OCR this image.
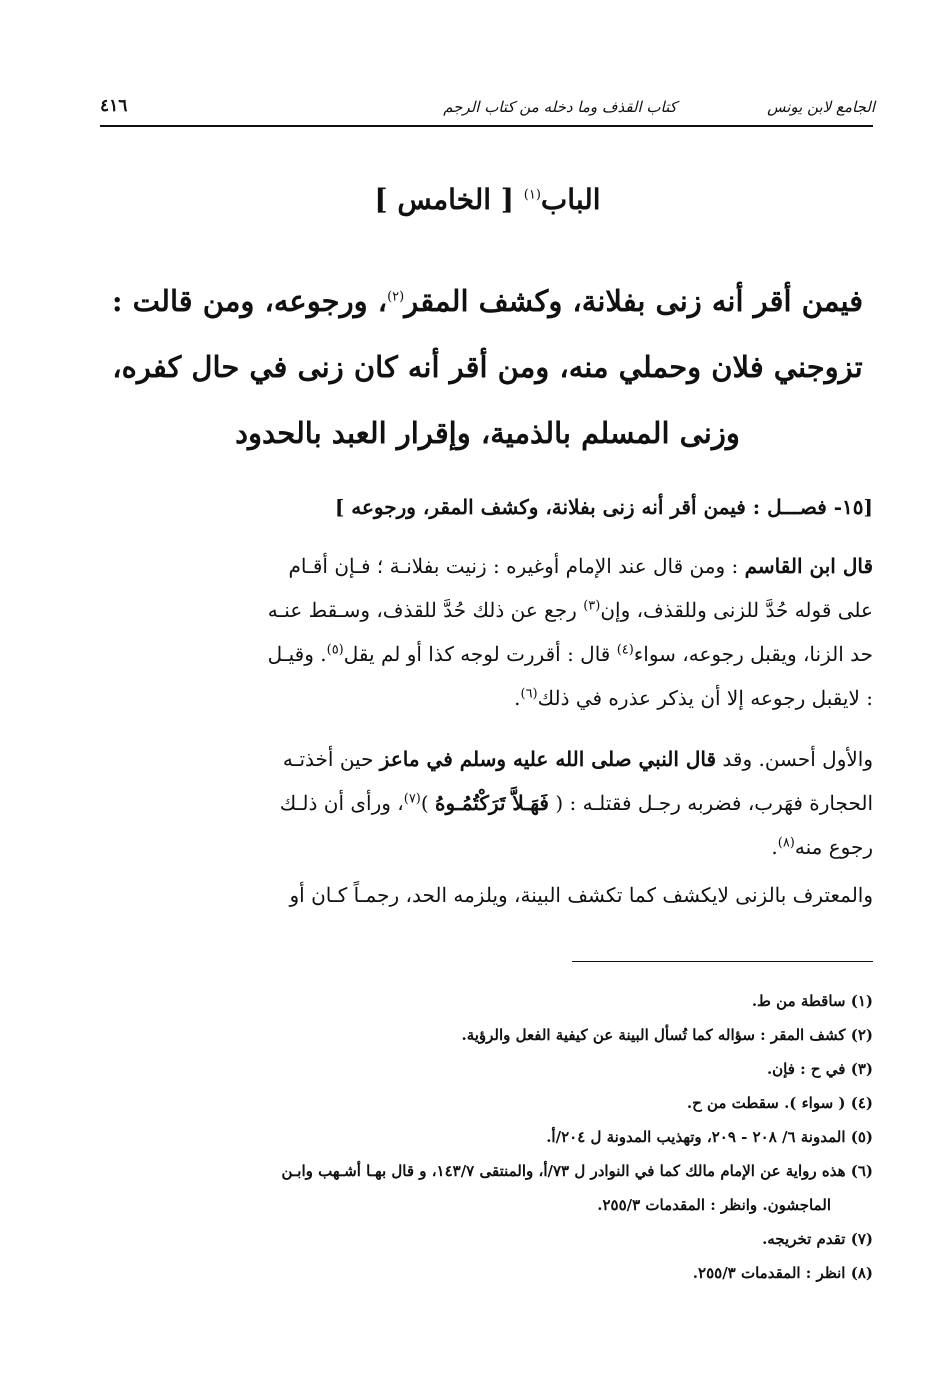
٤١٦	كتاب القذف وما دخله من كتاب الرجم	الجامع لابن يونس
الباب$^{(١)}$ [ الخامس ]
فيمن أقر أنه زنى بفلانة، وكشف المقر$^{(٢)}$، ورجوعه، ومن قالت :
تزوجني فلان وحملي منه، ومن أقر أنه كان زنى في حال كفره،
وزنى المسلم بالذمية، وإقرار العبد بالحدود
[١٥- فصـــل : فيمن أقر أنه زنى بفلانة، وكشف المقر، ورجوعه ]
قال ابن القاسم : ومن قال عند الإمام أوغيره : زنيت بفلانـة ؛ فـإن أقـام
على قوله حُدَّ للزنى وللقذف، وإن$^{(٣)}$ رجع عن ذلك حُدَّ للقذف، وسـقط عنـه
حد الزنا، ويقبل رجوعه، سواء$^{(٤)}$ قال : أقررت لوجه كذا أو لم يقل$^{(٥)}$. وقيـل
: لايقبل رجوعه إلا أن يذكر عذره في ذلك$^{(٦)}$.
والأول أحسن. وقد قال النبي صلى الله عليه وسلم في ماعز حين أخذتـه
الحجارة فهَرب، فضربه رجـل فقتلـه : ( فَهَـلاَّ تَرَكْتُمُـوهُ )$^{(٧)}$، ورأى أن ذلـك
رجوع منه$^{(٨)}$.
والمعترف بالزنى لايكشف كما تكشف البينة، ويلزمه الحد، رجمـاً كـان أو
(١) ساقطة من ط.
(٢) كشف المقر : سؤاله كما تُسأل البينة عن كيفية الفعل والرؤية.
(٣) في ح : فإن.
(٤) ( سواء ). سقطت من ح.
(٥) المدونة ٦/ ٢٠٨ - ٢٠٩، وتهذيب المدونة ل ٢٠٤/أ.
(٦) هذه رواية عن الإمام مالك كما في النوادر ل ٧٣/أ، والمنتقى ١٤٣/٧، و قال بهـا أشـهب وابـن
الماجشون. وانظر : المقدمات ٢٥٥/٣.
(٧) تقدم تخريجه.
(٨) انظر : المقدمات ٢٥٥/٣.
